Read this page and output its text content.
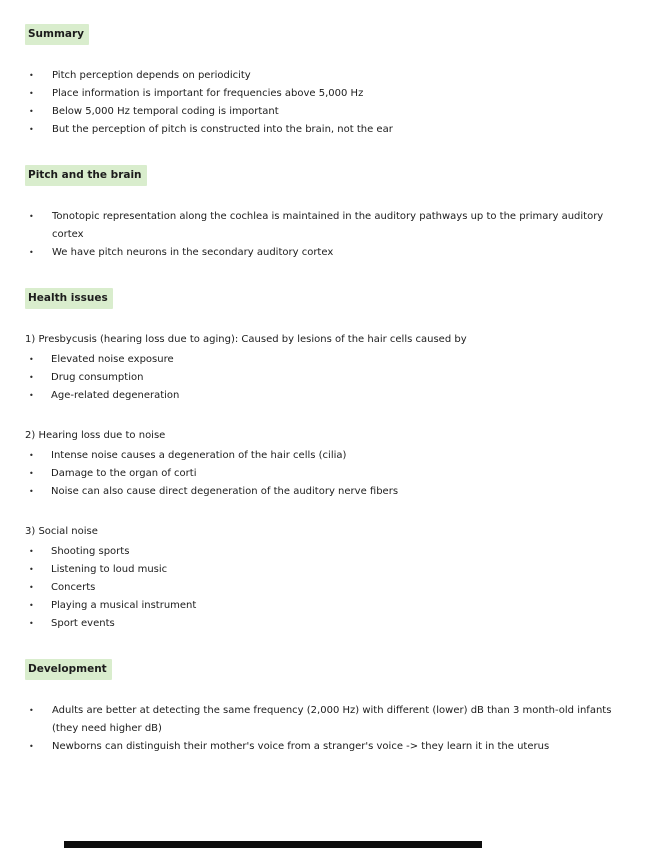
Summary
•	Pitch perception depends on periodicity
•	Place information is important for frequencies above 5,000 Hz
•	Below 5,000 Hz temporal coding is important
•	But the perception of pitch is constructed into the brain, not the ear
Pitch and the brain
•	Tonotopic representation along the cochlea is maintained in the auditory pathways up to the primary auditory cortex
•	We have pitch neurons in the secondary auditory cortex
Health issues

1) Presbycusis (hearing loss due to aging): Caused by lesions of the hair cells caused by

•	Elevated noise exposure
•	Drug consumption
•	Age-related degeneration

2) Hearing loss due to noise

•	Intense noise causes a degeneration of the hair cells (cilia)
•	Damage to the organ of corti
•	Noise can also cause direct degeneration of the auditory nerve fibers

3) Social noise

•	Shooting sports
•	Listening to loud music
•	Concerts
•	Playing a musical instrument
•	Sport events
Development
•	Adults are better at detecting the same frequency (2,000 Hz) with different (lower) dB than 3 month-old infants (they need higher dB)
•	Newborns can distinguish their mother's voice from a stranger's voice -> they learn it in the uterus
